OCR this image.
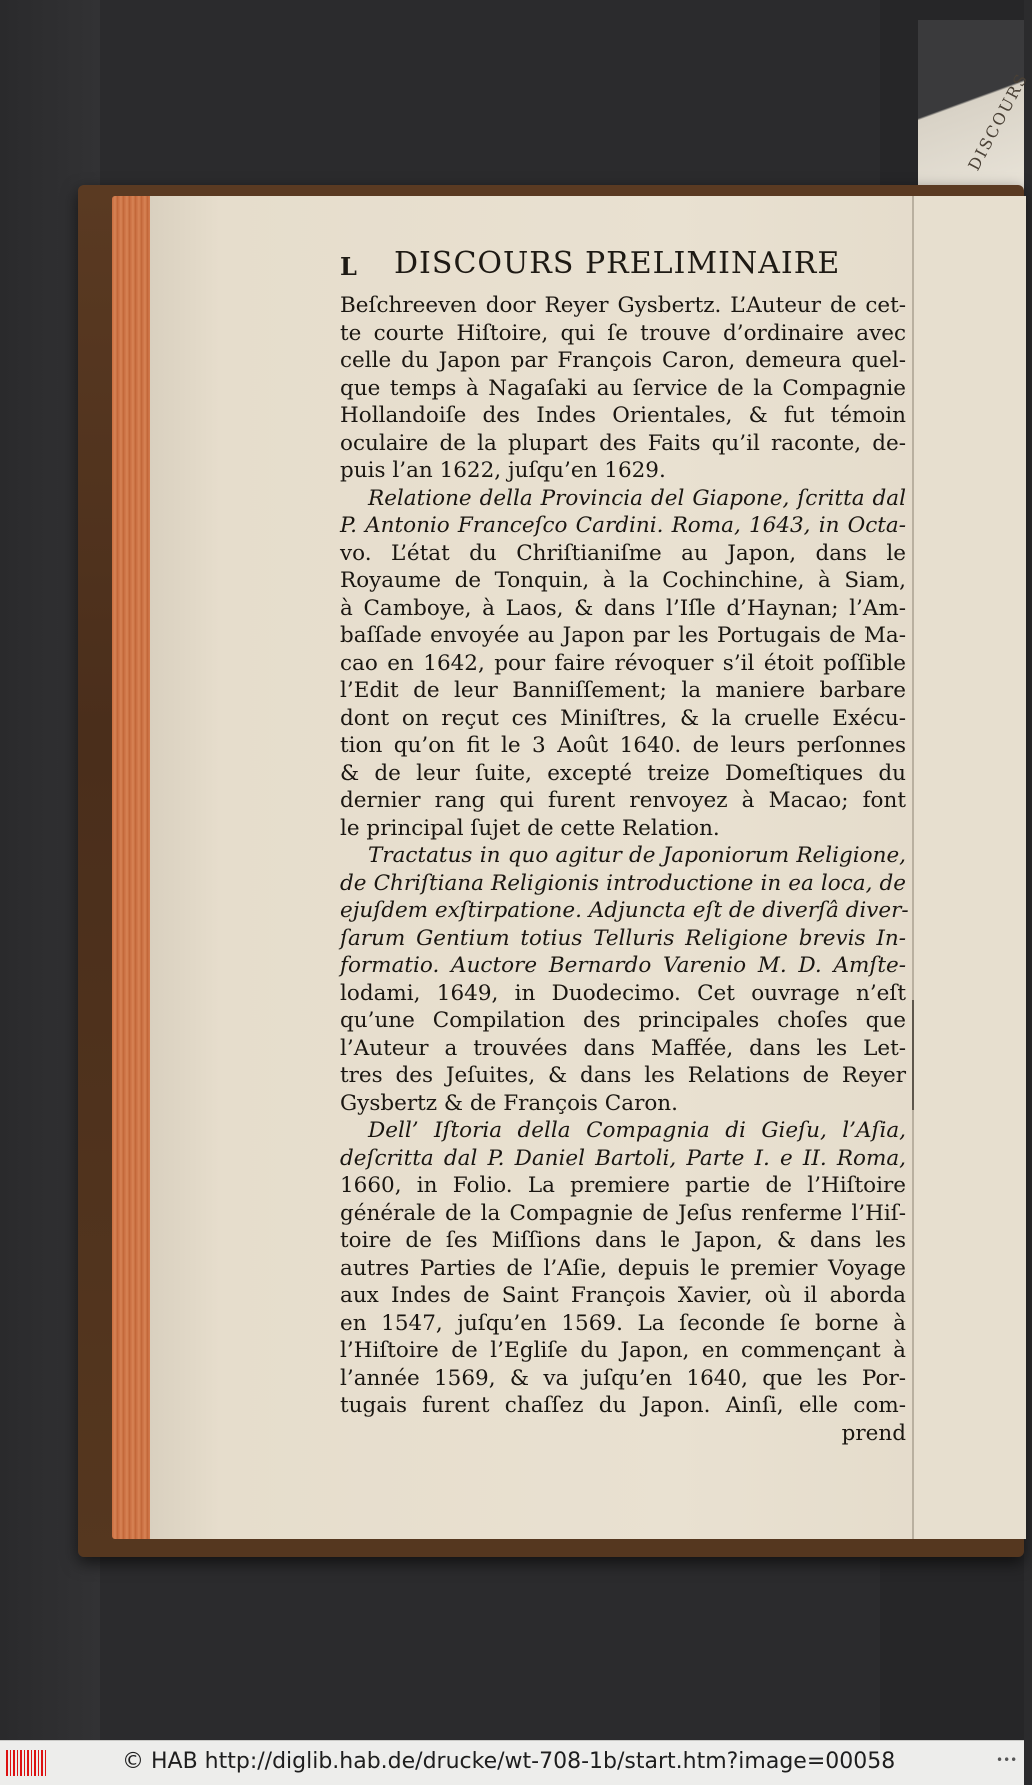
DISCOURS
L DISCOURS PRELIMINAIRE
Beſchreeven door Reyer Gysbertz. L’Auteur de cet-
te courte Hiſtoire, qui ſe trouve d’ordinaire avec
celle du Japon par François Caron, demeura quel-
que temps à Nagaſaki au ſervice de la Compagnie
Hollandoiſe des Indes Orientales, & fut témoin
oculaire de la plupart des Faits qu’il raconte, de-
puis l’an 1622, juſqu’en 1629.
Relatione della Provincia del Giapone, ſcritta dal
P. Antonio Franceſco Cardini. Roma, 1643, in Octa-
vo. L’état du Chriſtianiſme au Japon, dans le
Royaume de Tonquin, à la Cochinchine, à Siam,
à Camboye, à Laos, & dans l’Iſle d’Haynan; l’Am-
baſſade envoyée au Japon par les Portugais de Ma-
cao en 1642, pour faire révoquer s’il étoit poſſible
l’Edit de leur Banniſſement; la maniere barbare
dont on reçut ces Miniſtres, & la cruelle Exécu-
tion qu’on fit le 3 Août 1640. de leurs perſonnes
& de leur ſuite, excepté treize Domeſtiques du
dernier rang qui furent renvoyez à Macao; font
le principal ſujet de cette Relation.
Tractatus in quo agitur de Japoniorum Religione,
de Chriſtiana Religionis introductione in ea loca, de
ejuſdem exſtirpatione. Adjuncta eſt de diverſâ diver-
ſarum Gentium totius Telluris Religione brevis In-
formatio. Auctore Bernardo Varenio M. D. Amſte-
lodami, 1649, in Duodecimo. Cet ouvrage n’eſt
qu’une Compilation des principales choſes que
l’Auteur a trouvées dans Maffée, dans les Let-
tres des Jeſuites, & dans les Relations de Reyer
Gysbertz & de François Caron.
Dell’ Iſtoria della Compagnia di Gieſu, l’Aſia,
deſcritta dal P. Daniel Bartoli, Parte I. e II. Roma,
1660, in Folio. La premiere partie de l’Hiſtoire
générale de la Compagnie de Jeſus renferme l’Hiſ-
toire de ſes Miſſions dans le Japon, & dans les
autres Parties de l’Aſie, depuis le premier Voyage
aux Indes de Saint François Xavier, où il aborda
en 1547, juſqu’en 1569. La ſeconde ſe borne à
l’Hiſtoire de l’Egliſe du Japon, en commençant à
l’année 1569, & va juſqu’en 1640, que les Por-
tugais furent chaſſez du Japon. Ainſi, elle com-
prend
© HAB http://diglib.hab.de/drucke/wt-708-1b/start.htm?image=00058	•••
